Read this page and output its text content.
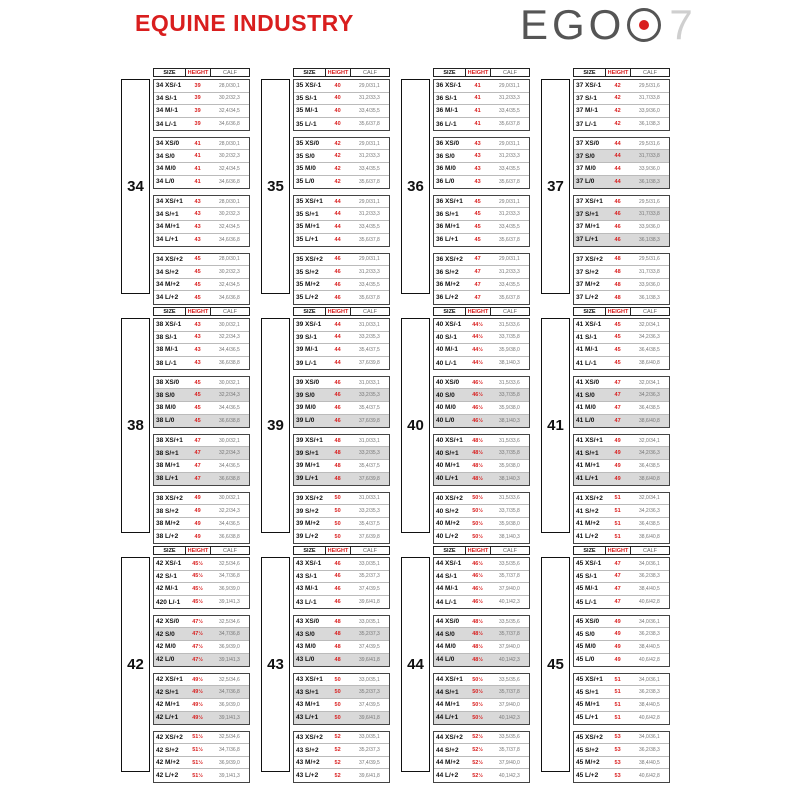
EQUINE INDUSTRY	EGO 7
SIZE	HEIGHT	CALF
34
34 XS/-1	39	28,0/30,1
34 S/-1	39	30,2/32,3
34 M/-1	39	32,4/34,5
34 L/-1	39	34,6/36,8
34 XS/0	41	28,0/30,1
34 S/0	41	30,2/32,3
34 M/0	41	32,4/34,5
34 L/0	41	34,6/36,8
34 XS/+1	43	28,0/30,1
34 S/+1	43	30,2/32,3
34 M/+1	43	32,4/34,5
34 L/+1	43	34,6/36,8
34 XS/+2	45	28,0/30,1
34 S/+2	45	30,2/32,3
34 M/+2	45	32,4/34,5
34 L/+2	45	34,6/36,8
SIZE	HEIGHT	CALF
35
35 XS/-1	40	29,0/31,1
35 S/-1	40	31,2/33,3
35 M/-1	40	33,4/35,5
35 L/-1	40	35,6/37,8
35 XS/0	42	29,0/31,1
35 S/0	42	31,2/33,3
35 M/0	42	33,4/35,5
35 L/0	42	35,6/37,8
35 XS/+1	44	29,0/31,1
35 S/+1	44	31,2/33,3
35 M/+1	44	33,4/35,5
35 L/+1	44	35,6/37,8
35 XS/+2	46	29,0/31,1
35 S/+2	46	31,2/33,3
35 M/+2	46	33,4/35,5
35 L/+2	46	35,6/37,8
SIZE	HEIGHT	CALF
36
36 XS/-1	41	29,0/31,1
36 S/-1	41	31,2/33,3
36 M/-1	41	33,4/35,5
36 L/-1	41	35,6/37,8
36 XS/0	43	29,0/31,1
36 S/0	43	31,2/33,3
36 M/0	43	33,4/35,5
36 L/0	43	35,6/37,8
36 XS/+1	45	29,0/31,1
36 S/+1	45	31,2/33,3
36 M/+1	45	33,4/35,5
36 L/+1	45	35,6/37,8
36 XS/+2	47	29,0/31,1
36 S/+2	47	31,2/33,3
36 M/+2	47	33,4/35,5
36 L/+2	47	35,6/37,8
SIZE	HEIGHT	CALF
37
37 XS/-1	42	29,5/31,6
37 S/-1	42	31,7/33,8
37 M/-1	42	33,9/36,0
37 L/-1	42	36,1/38,3
37 XS/0	44	29,5/31,6
37 S/0	44	31,7/33,8
37 M/0	44	33,9/36,0
37 L/0	44	36,1/38,3
37 XS/+1	46	29,5/31,6
37 S/+1	46	31,7/33,8
37 M/+1	46	33,9/36,0
37 L/+1	46	36,1/38,3
37 XS/+2	48	29,5/31,6
37 S/+2	48	31,7/33,8
37 M/+2	48	33,9/36,0
37 L/+2	48	36,1/38,3
SIZE	HEIGHT	CALF
38
38 XS/-1	43	30,0/32,1
38 S/-1	43	32,2/34,3
38 M/-1	43	34,4/36,5
38 L/-1	43	36,6/38,8
38 XS/0	45	30,0/32,1
38 S/0	45	32,2/34,3
38 M/0	45	34,4/36,5
38 L/0	45	36,6/38,8
38 XS/+1	47	30,0/32,1
38 S/+1	47	32,2/34,3
38 M/+1	47	34,4/36,5
38 L/+1	47	36,6/38,8
38 XS/+2	49	30,0/32,1
38 S/+2	49	32,2/34,3
38 M/+2	49	34,4/36,5
38 L/+2	49	36,6/38,8
SIZE	HEIGHT	CALF
39
39 XS/-1	44	31,0/33,1
39 S/-1	44	33,2/35,3
39 M/-1	44	35,4/37,5
39 L/-1	44	37,6/39,8
39 XS/0	46	31,0/33,1
39 S/0	46	33,2/35,3
39 M/0	46	35,4/37,5
39 L/0	46	37,6/39,8
39 XS/+1	48	31,0/33,1
39 S/+1	48	33,2/35,3
39 M/+1	48	35,4/37,5
39 L/+1	48	37,6/39,8
39 XS/+2	50	31,0/33,1
39 S/+2	50	33,2/35,3
39 M/+2	50	35,4/37,5
39 L/+2	50	37,6/39,8
SIZE	HEIGHT	CALF
40
40 XS/-1	44½	31,5/33,6
40 S/-1	44½	33,7/35,8
40 M/-1	44½	35,9/38,0
40 L/-1	44½	38,1/40,3
40 XS/0	46½	31,5/33,6
40 S/0	46½	33,7/35,8
40 M/0	46½	35,9/38,0
40 L/0	46½	38,1/40,3
40 XS/+1	48½	31,5/33,6
40 S/+1	48½	33,7/35,8
40 M/+1	48½	35,9/38,0
40 L/+1	48½	38,1/40,3
40 XS/+2	50½	31,5/33,6
40 S/+2	50½	33,7/35,8
40 M/+2	50½	35,9/38,0
40 L/+2	50½	38,1/40,3
SIZE	HEIGHT	CALF
41
41 XS/-1	45	32,0/34,1
41 S/-1	45	34,2/36,3
41 M/-1	45	36,4/38,5
41 L/-1	45	38,6/40,8
41 XS/0	47	32,0/34,1
41 S/0	47	34,2/36,3
41 M/0	47	36,4/38,5
41 L/0	47	38,6/40,8
41 XS/+1	49	32,0/34,1
41 S/+1	49	34,2/36,3
41 M/+1	49	36,4/38,5
41 L/+1	49	38,6/40,8
41 XS/+2	51	32,0/34,1
41 S/+2	51	34,2/36,3
41 M/+2	51	36,4/38,5
41 L/+2	51	38,6/40,8
SIZE	HEIGHT	CALF
42
42 XS/-1	45½	32,5/34,6
42 S/-1	45½	34,7/36,8
42 M/-1	45½	36,9/39,0
420 L/-1	45½	39,1/41,3
42 XS/0	47½	32,5/34,6
42 S/0	47½	34,7/36,8
42 M/0	47½	36,9/39,0
42 L/0	47½	39,1/41,3
42 XS/+1	49½	32,5/34,6
42 S/+1	49½	34,7/36,8
42 M/+1	49½	36,9/39,0
42 L/+1	49½	39,1/41,3
42 XS/+2	51½	32,5/34,6
42 S/+2	51½	34,7/36,8
42 M/+2	51½	36,9/39,0
42 L/+2	51½	39,1/41,3
SIZE	HEIGHT	CALF
43
43 XS/-1	46	33,0/35,1
43 S/-1	46	35,2/37,3
43 M/-1	46	37,4/39,5
43 L/-1	46	39,6/41,8
43 XS/0	48	33,0/35,1
43 S/0	48	35,2/37,3
43 M/0	48	37,4/39,5
43 L/0	48	39,6/41,8
43 XS/+1	50	33,0/35,1
43 S/+1	50	35,2/37,3
43 M/+1	50	37,4/39,5
43 L/+1	50	39,6/41,8
43 XS/+2	52	33,0/35,1
43 S/+2	52	35,2/37,3
43 M/+2	52	37,4/39,5
43 L/+2	52	39,6/41,8
SIZE	HEIGHT	CALF
44
44 XS/-1	46½	33,5/35,6
44 S/-1	46½	35,7/37,8
44 M/-1	46½	37,9/40,0
44 L/-1	46½	40,1/42,3
44 XS/0	48½	33,5/35,6
44 S/0	48½	35,7/37,8
44 M/0	48½	37,9/40,0
44 L/0	48½	40,1/42,3
44 XS/+1	50½	33,5/35,6
44 S/+1	50½	35,7/37,8
44 M/+1	50½	37,9/40,0
44 L/+1	50½	40,1/42,3
44 XS/+2	52½	33,5/35,6
44 S/+2	52½	35,7/37,8
44 M/+2	52½	37,9/40,0
44 L/+2	52½	40,1/42,3
SIZE	HEIGHT	CALF
45
45 XS/-1	47	34,0/36,1
45 S/-1	47	36,2/38,3
45 M/-1	47	38,4/40,5
45 L/-1	47	40,6/42,8
45 XS/0	49	34,0/36,1
45 S/0	49	36,2/38,3
45 M/0	49	38,4/40,5
45 L/0	49	40,6/42,8
45 XS/+1	51	34,0/36,1
45 S/+1	51	36,2/38,3
45 M/+1	51	38,4/40,5
45 L/+1	51	40,6/42,8
45 XS/+2	53	34,0/36,1
45 S/+2	53	36,2/38,3
45 M/+2	53	38,4/40,5
45 L/+2	53	40,6/42,8
